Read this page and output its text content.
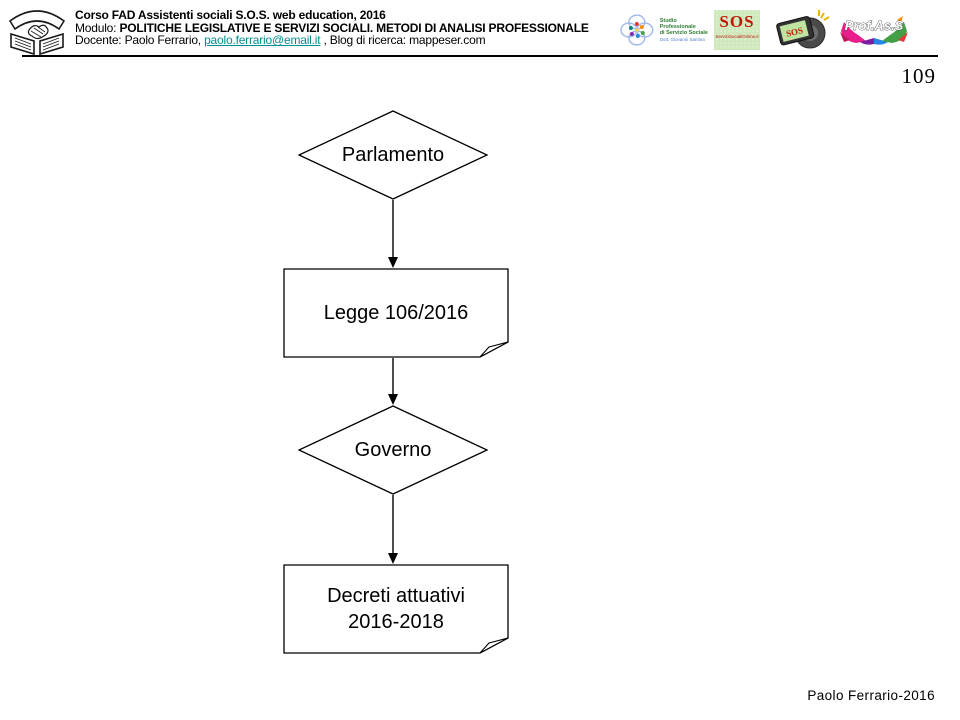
Corso FAD Assistenti sociali S.O.S. web education, 2016
Modulo: POLITICHE LEGISLATIVE E SERVIZI SOCIALI. METODI DI ANALISI PROFESSIONALE
Docente: Paolo Ferrario, paolo.ferrario@email.it , Blog di ricerca: mappeser.com
Studio Professionale
di Servizio Sociale
Dott. Giovanni Santina
SOS
ServiziSocialiOnline.it	SOS	Prof.As.S
109
Parlamento
Legge 106/2016
Governo
Decreti attuativi
2016-2018
Paolo Ferrario-2016
